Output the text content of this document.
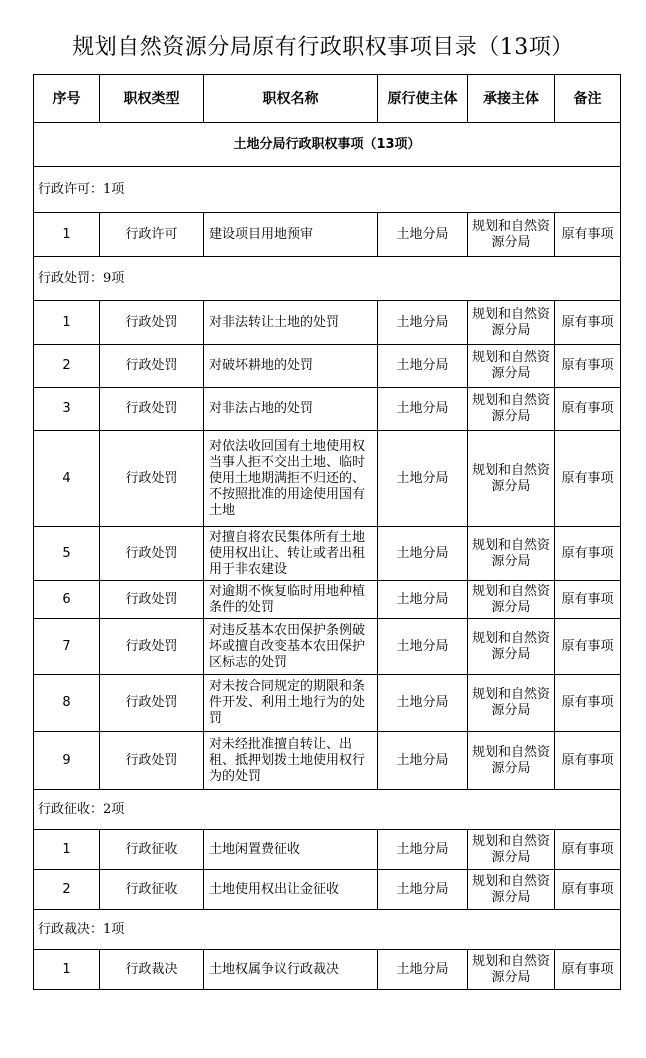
规划自然资源分局原有行政职权事项目录（13项）
序号	职权类型	职权名称	原行使主体	承接主体	备注
土地分局行政职权事项（13项）					
行政许可：1项					
1	行政许可	建设项目用地预审	土地分局	规划和自然资源分局	原有事项
行政处罚：9项					
1	行政处罚	对非法转让土地的处罚	土地分局	规划和自然资源分局	原有事项
2	行政处罚	对破坏耕地的处罚	土地分局	规划和自然资源分局	原有事项
3	行政处罚	对非法占地的处罚	土地分局	规划和自然资源分局	原有事项
4	行政处罚	对依法收回国有土地使用权当事人拒不交出土地、临时使用土地期满拒不归还的、不按照批准的用途使用国有土地	土地分局	规划和自然资源分局	原有事项
5	行政处罚	对擅自将农民集体所有土地使用权出让、转让或者出租用于非农建设	土地分局	规划和自然资源分局	原有事项
6	行政处罚	对逾期不恢复临时用地种植条件的处罚	土地分局	规划和自然资源分局	原有事项
7	行政处罚	对违反基本农田保护条例破坏或擅自改变基本农田保护区标志的处罚	土地分局	规划和自然资源分局	原有事项
8	行政处罚	对未按合同规定的期限和条件开发、利用土地行为的处罚	土地分局	规划和自然资源分局	原有事项
9	行政处罚	对未经批准擅自转让、出租、抵押划拨土地使用权行为的处罚	土地分局	规划和自然资源分局	原有事项
行政征收：2项					
1	行政征收	土地闲置费征收	土地分局	规划和自然资源分局	原有事项
2	行政征收	土地使用权出让金征收	土地分局	规划和自然资源分局	原有事项
行政裁决：1项					
1	行政裁决	土地权属争议行政裁决	土地分局	规划和自然资源分局	原有事项
